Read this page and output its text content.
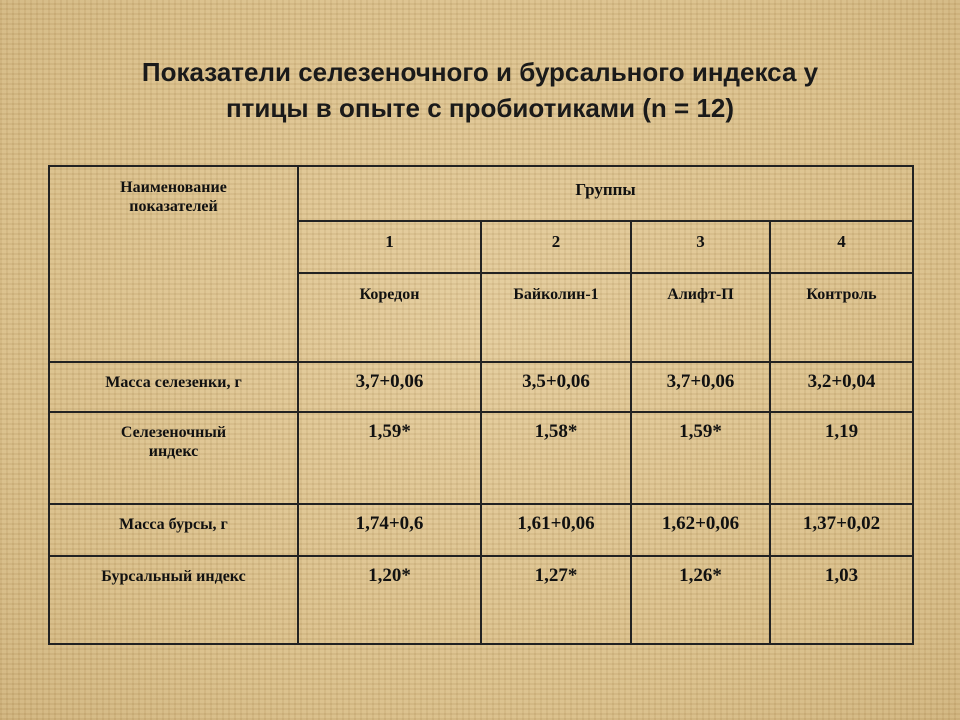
Показатели селезеночного и бурсального индекса у
птицы в опыте с пробиотиками (n = 12)
Наименование
показателей	Группы			
	1	2	3	4
	Коредон	Байколин-1	Алифт-П	Контроль
Масса селезенки, г	3,7+0,06	3,5+0,06	3,7+0,06	3,2+0,04

Селезеночный
индекс	1,59*	1,58*	1,59*	1,19
Масса бурсы, г	1,74+0,6	1,61+0,06	1,62+0,06	1,37+0,02
Бурсальный индекс	1,20*	1,27*	1,26*	1,03
